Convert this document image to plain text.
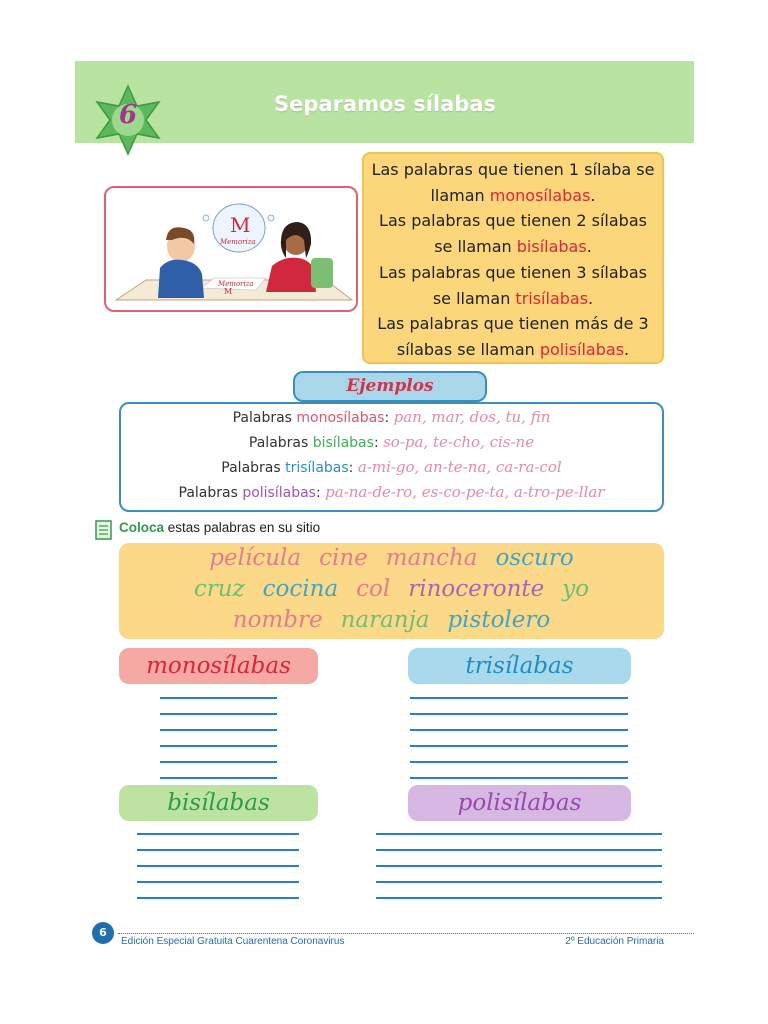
6	Separamos sílabas
Memoriza
M
M
Memoriza
Las palabras que tienen 1 sílaba se llaman monosílabas.
Las palabras que tienen 2 sílabas se llaman bisílabas.
Las palabras que tienen 3 sílabas se llaman trisílabas.
Las palabras que tienen más de 3 sílabas se llaman polisílabas.
Palabras monosílabas: pan, mar, dos, tu, fin
Palabras bisílabas: so-pa, te-cho, cis-ne
Palabras trisílabas: a-mi-go, an-te-na, ca-ra-col
Palabras polisílabas: pa-na-de-ro, es-co-pe-ta, a-tro-pe-llar
Ejemplos
Coloca estas palabras en su sitio
película cine mancha oscuro
cruz cocina col rinoceronte yo
nombre naranja pistolero
monosílabas	trisílabas
bisílabas	polisílabas
6
Edición Especial Gratuita Cuarentena Coronavirus	2º Educación Primaria
